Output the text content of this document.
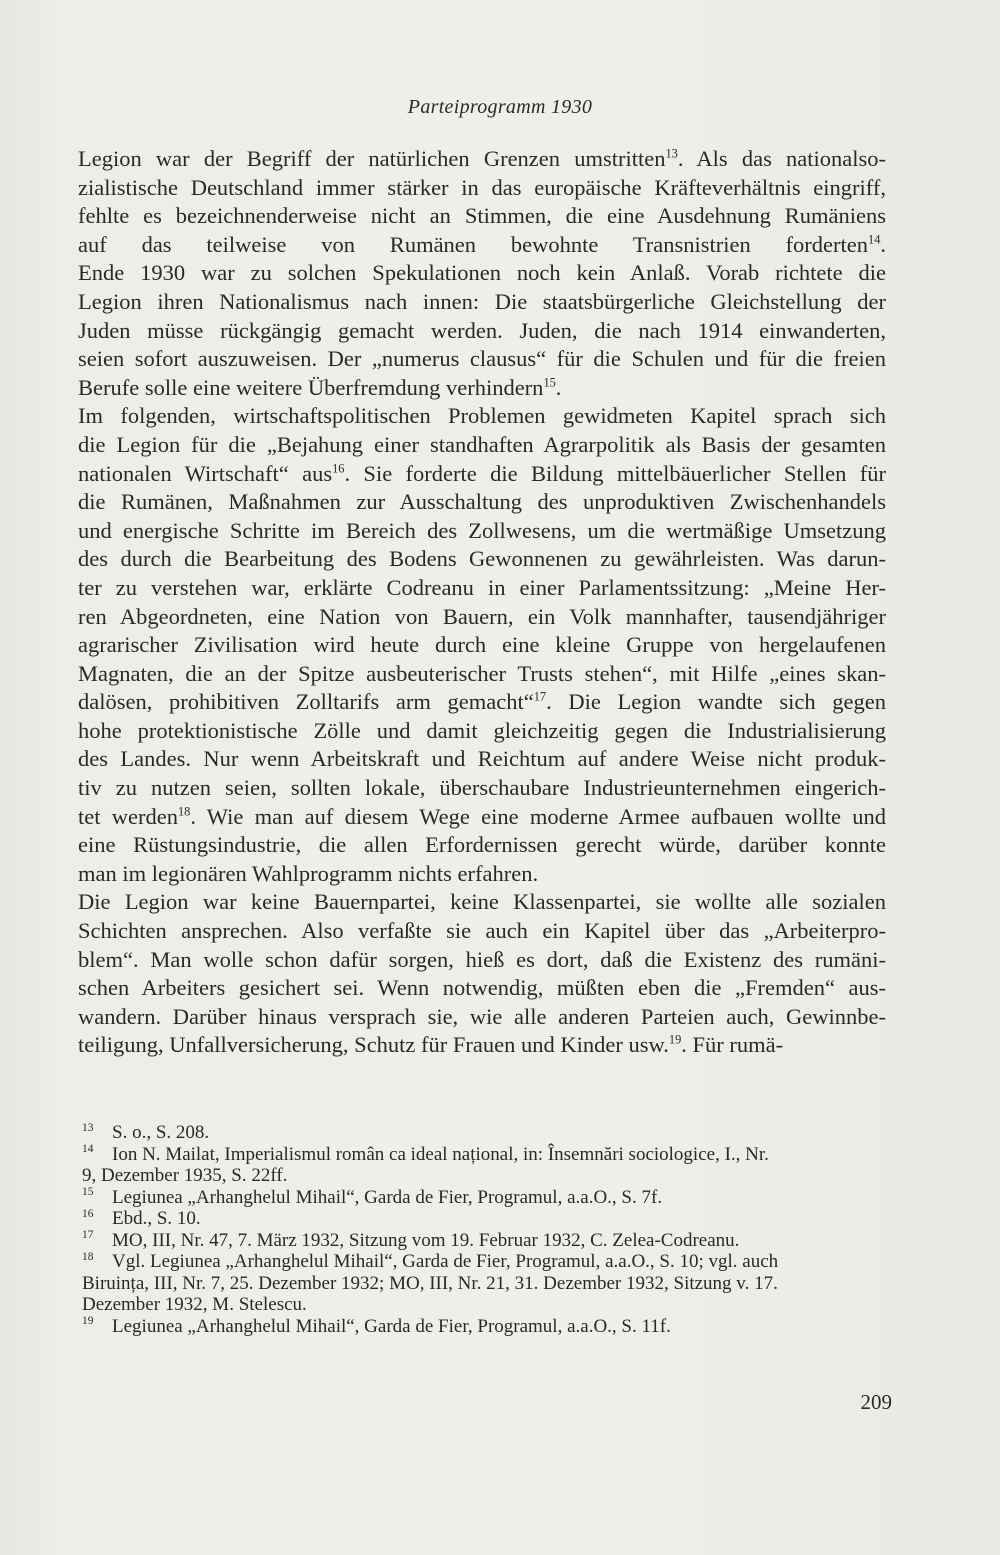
Parteiprogramm 1930
Legion war der Begriff der natürlichen Grenzen umstritten$^{13}$. Als das nationalso-
zialistische Deutschland immer stärker in das europäische Kräfteverhältnis eingriff,
fehlte es bezeichnenderweise nicht an Stimmen, die eine Ausdehnung Rumäniens
auf das teilweise von Rumänen bewohnte Transnistrien forderten$^{14}$.
Ende 1930 war zu solchen Spekulationen noch kein Anlaß. Vorab richtete die
Legion ihren Nationalismus nach innen: Die staatsbürgerliche Gleichstellung der
Juden müsse rückgängig gemacht werden. Juden, die nach 1914 einwanderten,
seien sofort auszuweisen. Der „numerus clausus“ für die Schulen und für die freien
Berufe solle eine weitere Überfremdung verhindern$^{15}$.
Im folgenden, wirtschaftspolitischen Problemen gewidmeten Kapitel sprach sich
die Legion für die „Bejahung einer standhaften Agrarpolitik als Basis der gesamten
nationalen Wirtschaft“ aus$^{16}$. Sie forderte die Bildung mittelbäuerlicher Stellen für
die Rumänen, Maßnahmen zur Ausschaltung des unproduktiven Zwischenhandels
und energische Schritte im Bereich des Zollwesens, um die wertmäßige Umsetzung
des durch die Bearbeitung des Bodens Gewonnenen zu gewährleisten. Was darun-
ter zu verstehen war, erklärte Codreanu in einer Parlamentssitzung: „Meine Her-
ren Abgeordneten, eine Nation von Bauern, ein Volk mannhafter, tausendjähriger
agrarischer Zivilisation wird heute durch eine kleine Gruppe von hergelaufenen
Magnaten, die an der Spitze ausbeuterischer Trusts stehen“, mit Hilfe „eines skan-
dalösen, prohibitiven Zolltarifs arm gemacht“$^{17}$. Die Legion wandte sich gegen
hohe protektionistische Zölle und damit gleichzeitig gegen die Industrialisierung
des Landes. Nur wenn Arbeitskraft und Reichtum auf andere Weise nicht produk-
tiv zu nutzen seien, sollten lokale, überschaubare Industrieunternehmen eingerich-
tet werden$^{18}$. Wie man auf diesem Wege eine moderne Armee aufbauen wollte und
eine Rüstungsindustrie, die allen Erfordernissen gerecht würde, darüber konnte
man im legionären Wahlprogramm nichts erfahren.
Die Legion war keine Bauernpartei, keine Klassenpartei, sie wollte alle sozialen
Schichten ansprechen. Also verfaßte sie auch ein Kapitel über das „Arbeiterpro-
blem“. Man wolle schon dafür sorgen, hieß es dort, daß die Existenz des rumäni-
schen Arbeiters gesichert sei. Wenn notwendig, müßten eben die „Fremden“ aus-
wandern. Darüber hinaus versprach sie, wie alle anderen Parteien auch, Gewinnbe-
teiligung, Unfallversicherung, Schutz für Frauen und Kinder usw.$^{19}$. Für rumä-
13 S. o., S. 208.
14 Ion N. Mailat, Imperialismul român ca ideal național, in: Însemnări sociologice, I., Nr.
9, Dezember 1935, S. 22ff.
15 Legiunea „Arhanghelul Mihail“, Garda de Fier, Programul, a.a.O., S. 7f.
16 Ebd., S. 10.
17 MO, III, Nr. 47, 7. März 1932, Sitzung vom 19. Februar 1932, C. Zelea-Codreanu.
18 Vgl. Legiunea „Arhanghelul Mihail“, Garda de Fier, Programul, a.a.O., S. 10; vgl. auch
Biruința, III, Nr. 7, 25. Dezember 1932; MO, III, Nr. 21, 31. Dezember 1932, Sitzung v. 17.
Dezember 1932, M. Stelescu.
19 Legiunea „Arhanghelul Mihail“, Garda de Fier, Programul, a.a.O., S. 11f.
209
